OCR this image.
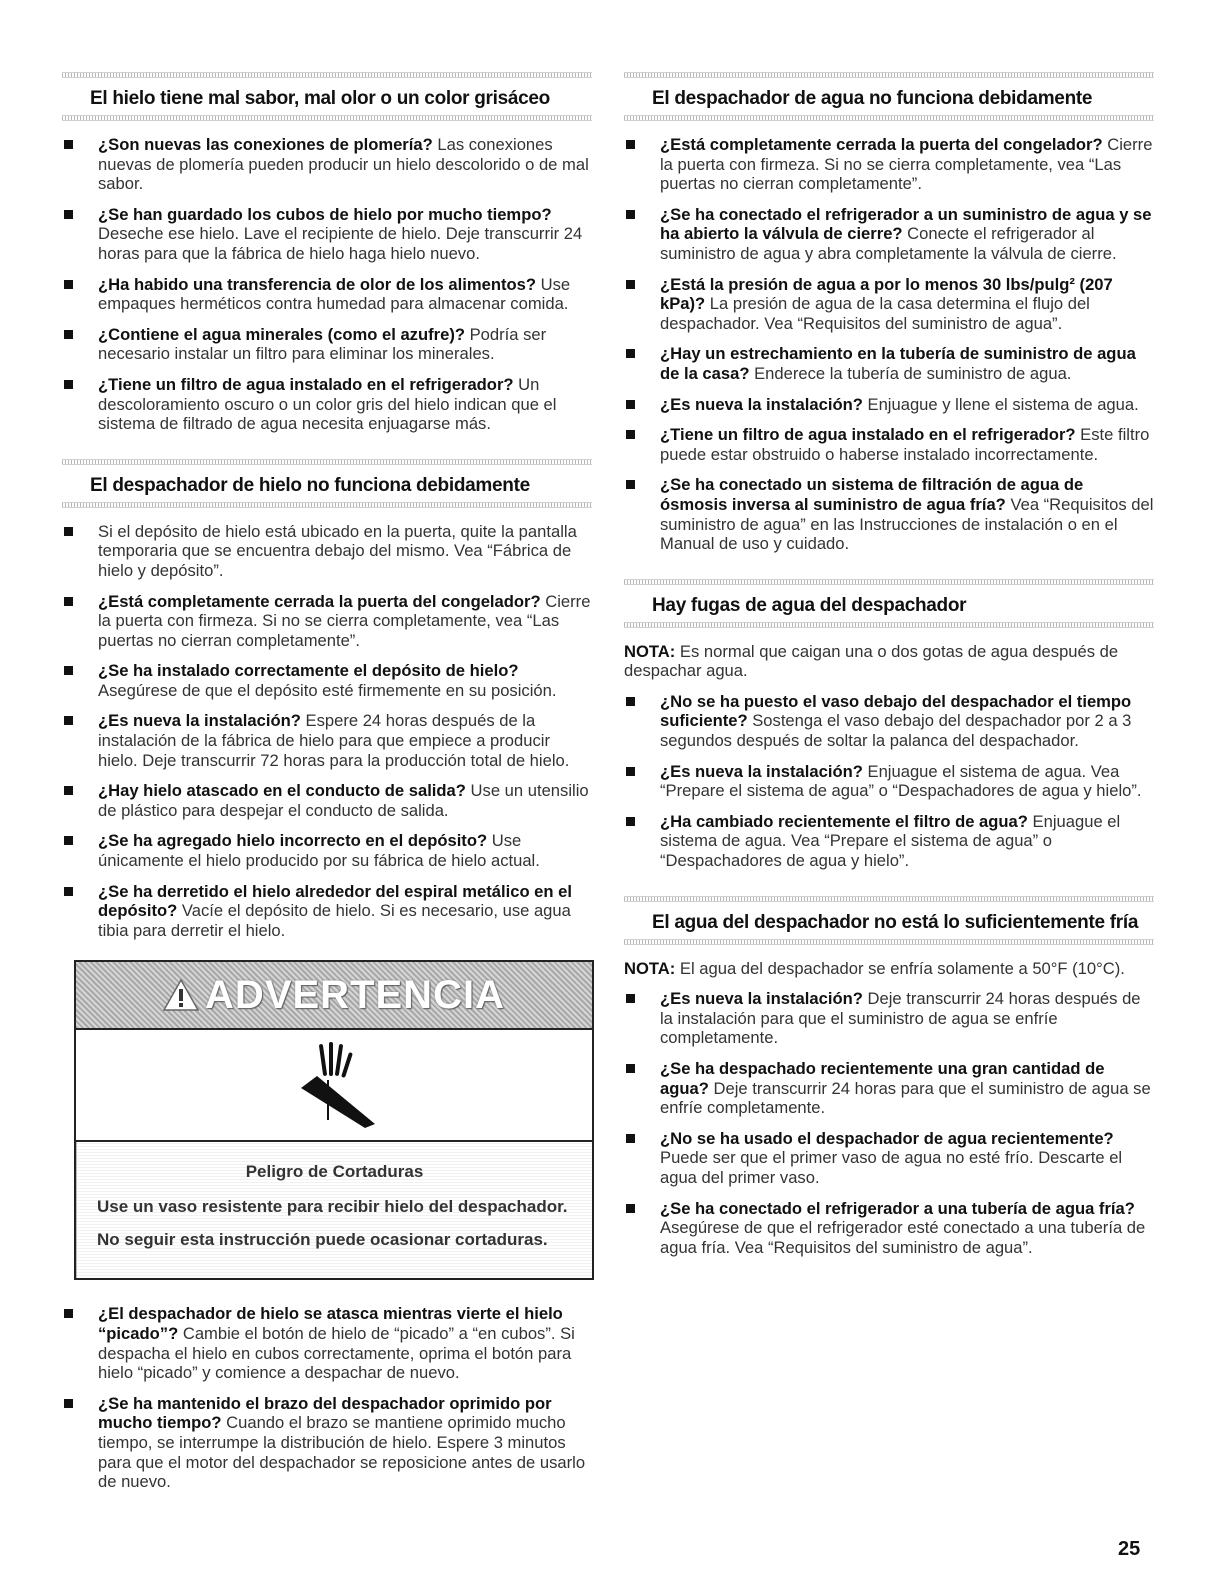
El hielo tiene mal sabor, mal olor o un color grisáceo
¿Son nuevas las conexiones de plomería? Las conexiones nuevas de plomería pueden producir un hielo descolorido o de mal sabor.
¿Se han guardado los cubos de hielo por mucho tiempo? Deseche ese hielo. Lave el recipiente de hielo. Deje transcurrir 24 horas para que la fábrica de hielo haga hielo nuevo.
¿Ha habido una transferencia de olor de los alimentos? Use empaques herméticos contra humedad para almacenar comida.
¿Contiene el agua minerales (como el azufre)? Podría ser necesario instalar un filtro para eliminar los minerales.
¿Tiene un filtro de agua instalado en el refrigerador? Un descoloramiento oscuro o un color gris del hielo indican que el sistema de filtrado de agua necesita enjuagarse más.
El despachador de hielo no funciona debidamente
Si el depósito de hielo está ubicado en la puerta, quite la pantalla temporaria que se encuentra debajo del mismo. Vea “Fábrica de hielo y depósito”.
¿Está completamente cerrada la puerta del congelador? Cierre la puerta con firmeza. Si no se cierra completamente, vea “Las puertas no cierran completamente”.
¿Se ha instalado correctamente el depósito de hielo? Asegúrese de que el depósito esté firmemente en su posición.
¿Es nueva la instalación? Espere 24 horas después de la instalación de la fábrica de hielo para que empiece a producir hielo. Deje transcurrir 72 horas para la producción total de hielo.
¿Hay hielo atascado en el conducto de salida? Use un utensilio de plástico para despejar el conducto de salida.
¿Se ha agregado hielo incorrecto en el depósito? Use únicamente el hielo producido por su fábrica de hielo actual.
¿Se ha derretido el hielo alrededor del espiral metálico en el depósito? Vacíe el depósito de hielo. Si es necesario, use agua tibia para derretir el hielo.
ADVERTENCIA
Peligro de Cortaduras
Use un vaso resistente para recibir hielo del despachador.
No seguir esta instrucción puede ocasionar cortaduras.
¿El despachador de hielo se atasca mientras vierte el hielo “picado”? Cambie el botón de hielo de “picado” a “en cubos”. Si despacha el hielo en cubos correctamente, oprima el botón para hielo “picado” y comience a despachar de nuevo.
¿Se ha mantenido el brazo del despachador oprimido por mucho tiempo? Cuando el brazo se mantiene oprimido mucho tiempo, se interrumpe la distribución de hielo. Espere 3 minutos para que el motor del despachador se reposicione antes de usarlo de nuevo.
El despachador de agua no funciona debidamente
¿Está completamente cerrada la puerta del congelador? Cierre la puerta con firmeza. Si no se cierra completamente, vea “Las puertas no cierran completamente”.
¿Se ha conectado el refrigerador a un suministro de agua y se ha abierto la válvula de cierre? Conecte el refrigerador al suministro de agua y abra completamente la válvula de cierre.
¿Está la presión de agua a por lo menos 30 lbs/pulg² (207 kPa)? La presión de agua de la casa determina el flujo del despachador. Vea “Requisitos del suministro de agua”.
¿Hay un estrechamiento en la tubería de suministro de agua de la casa? Enderece la tubería de suministro de agua.
¿Es nueva la instalación? Enjuague y llene el sistema de agua.
¿Tiene un filtro de agua instalado en el refrigerador? Este filtro puede estar obstruido o haberse instalado incorrectamente.
¿Se ha conectado un sistema de filtración de agua de ósmosis inversa al suministro de agua fría? Vea “Requisitos del suministro de agua” en las Instrucciones de instalación o en el Manual de uso y cuidado.
Hay fugas de agua del despachador

NOTA: Es normal que caigan una o dos gotas de agua después de despachar agua.

¿No se ha puesto el vaso debajo del despachador el tiempo suficiente? Sostenga el vaso debajo del despachador por 2 a 3 segundos después de soltar la palanca del despachador.
¿Es nueva la instalación? Enjuague el sistema de agua. Vea “Prepare el sistema de agua” o “Despachadores de agua y hielo”.
¿Ha cambiado recientemente el filtro de agua? Enjuague el sistema de agua. Vea “Prepare el sistema de agua” o “Despachadores de agua y hielo”.
El agua del despachador no está lo suficientemente fría

NOTA: El agua del despachador se enfría solamente a 50°F (10°C).

¿Es nueva la instalación? Deje transcurrir 24 horas después de la instalación para que el suministro de agua se enfríe completamente.
¿Se ha despachado recientemente una gran cantidad de agua? Deje transcurrir 24 horas para que el suministro de agua se enfríe completamente.
¿No se ha usado el despachador de agua recientemente? Puede ser que el primer vaso de agua no esté frío. Descarte el agua del primer vaso.
¿Se ha conectado el refrigerador a una tubería de agua fría? Asegúrese de que el refrigerador esté conectado a una tubería de agua fría. Vea “Requisitos del suministro de agua”.
25
